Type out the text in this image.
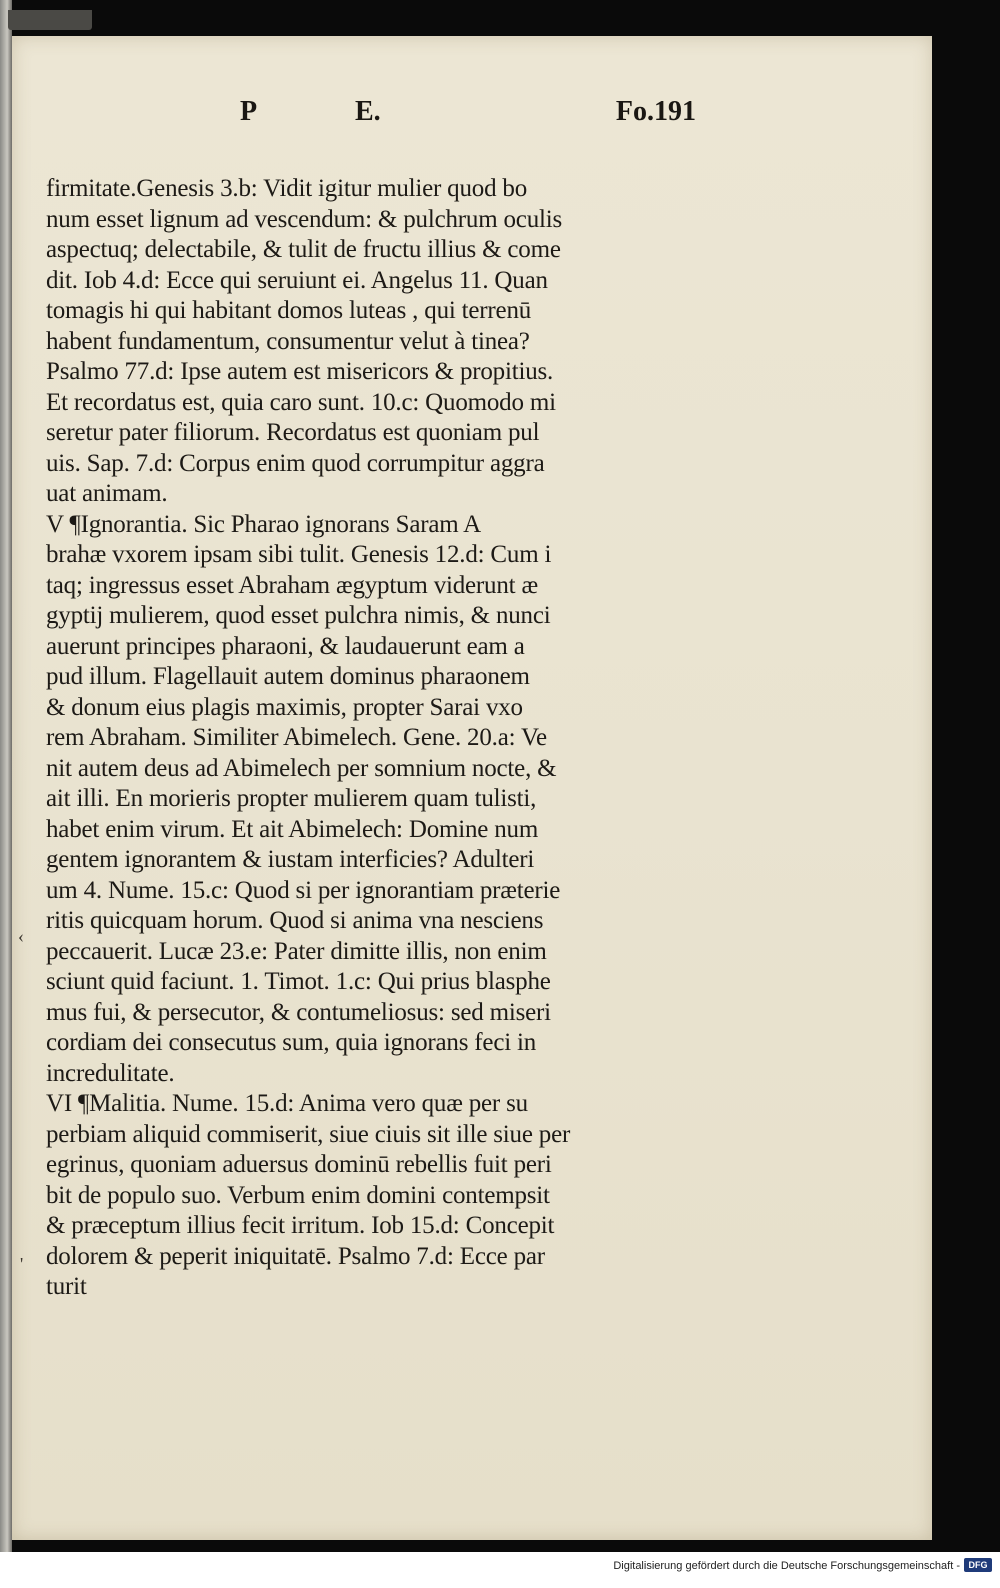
P	E.	Fo.191
firmitate.Genesis 3.b: Vidit igitur mulier quod bo
num esset lignum ad vescendum: & pulchrum oculis
aspectuq; delectabile, & tulit de fructu illius & come
dit. Iob 4.d: Ecce qui seruiunt ei. Angelus 11. Quan
tomagis hi qui habitant domos luteas , qui terrenū
habent fundamentum, consumentur velut à tinea?
Psalmo 77.d: Ipse autem est misericors & propitius.
Et recordatus est, quia caro sunt. 10.c: Quomodo mi
seretur pater filiorum. Recordatus est quoniam pul
uis. Sap. 7.d: Corpus enim quod corrumpitur aggra
uat animam.
V ¶Ignorantia. Sic Pharao ignorans Saram A
brahæ vxorem ipsam sibi tulit. Genesis 12.d: Cum i
taq; ingressus esset Abraham ægyptum viderunt æ
gyptij mulierem, quod esset pulchra nimis, & nunci
auerunt principes pharaoni, & laudauerunt eam a
pud illum. Flagellauit autem dominus pharaonem
& donum eius plagis maximis, propter Sarai vxo
rem Abraham. Similiter Abimelech. Gene. 20.a: Ve
nit autem deus ad Abimelech per somnium nocte, &
ait illi. En morieris propter mulierem quam tulisti,
habet enim virum. Et ait Abimelech: Domine num
gentem ignorantem & iustam interficies? Adulteri
um 4. Nume. 15.c: Quod si per ignorantiam præterie
ritis quicquam horum. Quod si anima vna nesciens
peccauerit. Lucæ 23.e: Pater dimitte illis, non enim
sciunt quid faciunt. 1. Timot. 1.c: Qui prius blasphe
mus fui, & persecutor, & contumeliosus: sed miseri
cordiam dei consecutus sum, quia ignorans feci in
incredulitate.
VI ¶Malitia. Nume. 15.d: Anima vero quæ per su
perbiam aliquid commiserit, siue ciuis sit ille siue per
egrinus, quoniam aduersus dominū rebellis fuit peri
bit de populo suo. Verbum enim domini contempsit
& præceptum illius fecit irritum. Iob 15.d: Concepit
dolorem & peperit iniquitatē. Psalmo 7.d: Ecce par
turit
‹
'
Digitalisierung gefördert durch die Deutsche Forschungsgemeinschaft - DFG
